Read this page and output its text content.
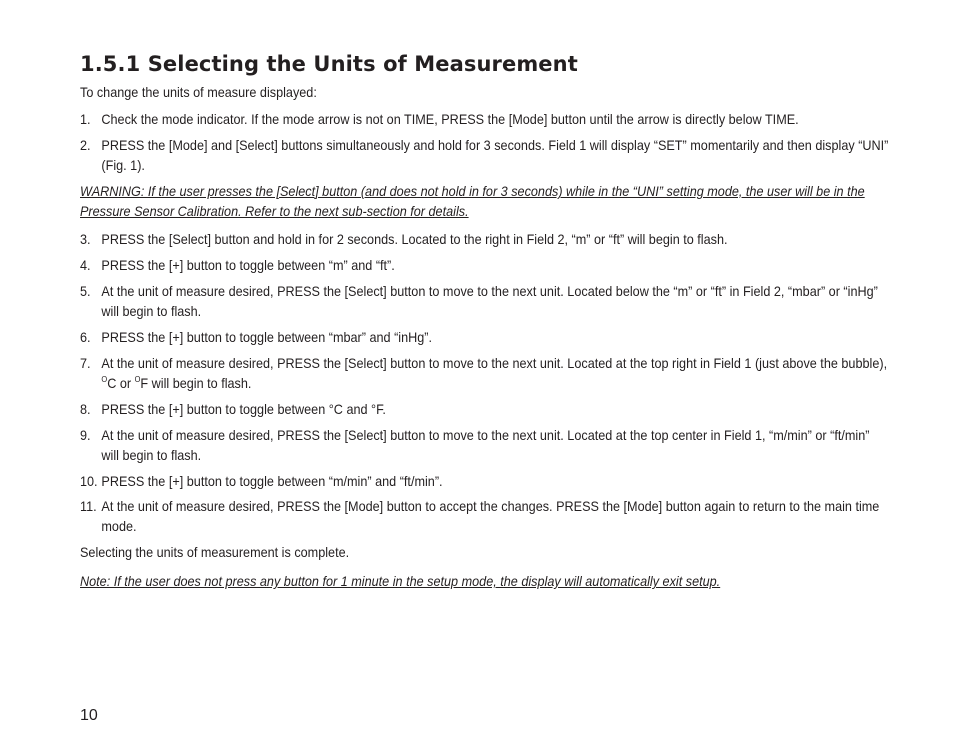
1.5.1 Selecting the Units of Measurement
To change the units of measure displayed:
1. Check the mode indicator. If the mode arrow is not on TIME, PRESS the [Mode] button until the arrow is directly below TIME.
2. PRESS the [Mode] and [Select] buttons simultaneously and hold for 3 seconds. Field 1 will display “SET” momentarily and then display “UNI” (Fig. 1).
WARNING: If the user presses the [Select] button (and does not hold in for 3 seconds) while in the “UNI” setting mode, the user will be in the Pressure Sensor Calibration. Refer to the next sub-section for details.
3. PRESS the [Select] button and hold in for 2 seconds. Located to the right in Field 2, “m” or “ft” will begin to flash.
4. PRESS the [+] button to toggle between “m” and “ft”.
5. At the unit of measure desired, PRESS the [Select] button to move to the next unit. Located below the “m” or “ft” in Field 2, “mbar” or “inHg” will begin to flash.
6. PRESS the [+] button to toggle between “mbar” and “inHg”.
7. At the unit of measure desired, PRESS the [Select] button to move to the next unit. Located at the top right in Field 1 (just above the bubble), $^O$C or $^O$F will begin to flash.
8. PRESS the [+] button to toggle between °C and °F.
9. At the unit of measure desired, PRESS the [Select] button to move to the next unit. Located at the top center in Field 1, “m/min” or “ft/min” will begin to flash.
10. PRESS the [+] button to toggle between “m/min” and “ft/min”.
11. At the unit of measure desired, PRESS the [Mode] button to accept the changes. PRESS the [Mode] button again to return to the main time mode.
Selecting the units of measurement is complete.
Note: If the user does not press any button for 1 minute in the setup mode, the display will automatically exit setup.
10
